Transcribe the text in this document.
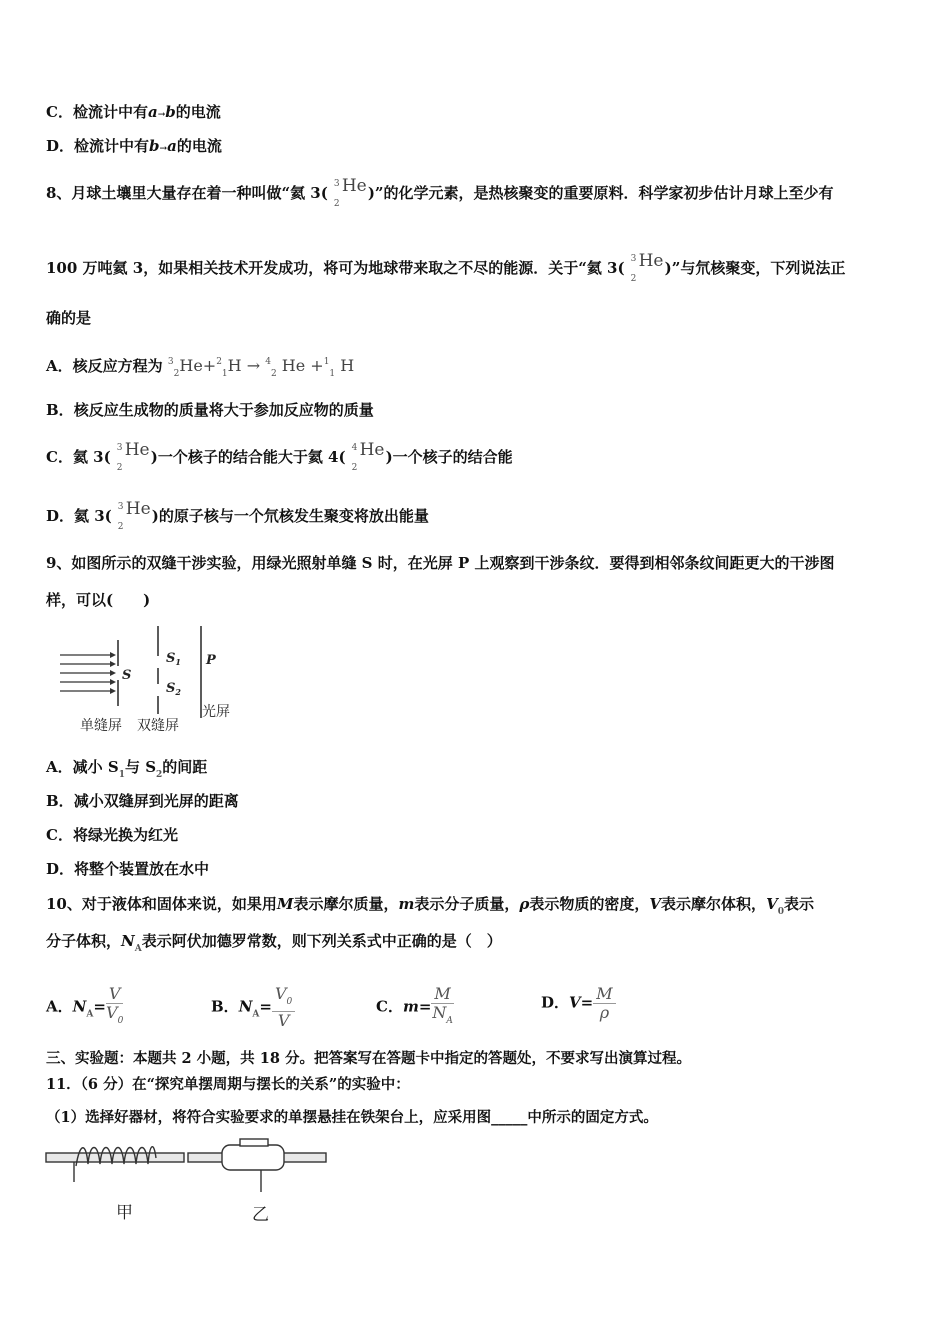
C．检流计中有a→b的电流
D．检流计中有b→a的电流
8、月球土壤里大量存在着一种叫做“氦 3( 3
2
He )”的化学元素，是热核聚变的重要原料．科学家初步估计月球上至少有
100 万吨氦 3，如果相关技术开发成功，将可为地球带来取之不尽的能源．关于“氦 3( 3
2
He )”与氘核聚变，下列说法正
确的是
A．核反应方程为 $^3_2$He+$^2_1$H → $^4_2$ He +$^1_1$ H
B．核反应生成物的质量将大于参加反应物的质量
C．氦 3( 3
2
He )一个核子的结合能大于氦 4( 4
2
He )一个核子的结合能
D．氦 3( 3
2
He )的原子核与一个氘核发生聚变将放出能量
9、如图所示的双缝干涉实验，用绿光照射单缝 S 时，在光屏 P 上观察到干涉条纹．要得到相邻条纹间距更大的干涉图
样，可以(　　)
S
$S_1$
$S_2$
P
单缝屏 双缝屏
光屏
A．减小 $S_1$与 $S_2$的间距
B．减小双缝屏到光屏的距离
C．将绿光换为红光
D．将整个装置放在水中
10、对于液体和固体来说，如果用M表示摩尔质量，m表示分子质量，ρ表示物质的密度，V表示摩尔体积，$V_0$表示
分子体积，$N_A$表示阿伏加德罗常数，则下列关系式中正确的是（　）
A．$N_A= \frac{V}{V_0}$	B．$N_A= \frac{V_0}{V}$	C．$m= \frac{M}{N_A}$	D．$V= \frac{M}{\rho}$
三、实验题：本题共 2 小题，共 18 分。把答案写在答题卡中指定的答题处，不要求写出演算过程。
11．（6 分）在“探究单摆周期与摆长的关系”的实验中：
（1）选择好器材，将符合实验要求的单摆悬挂在铁架台上，应采用图_____中所示的固定方式。
甲	乙
